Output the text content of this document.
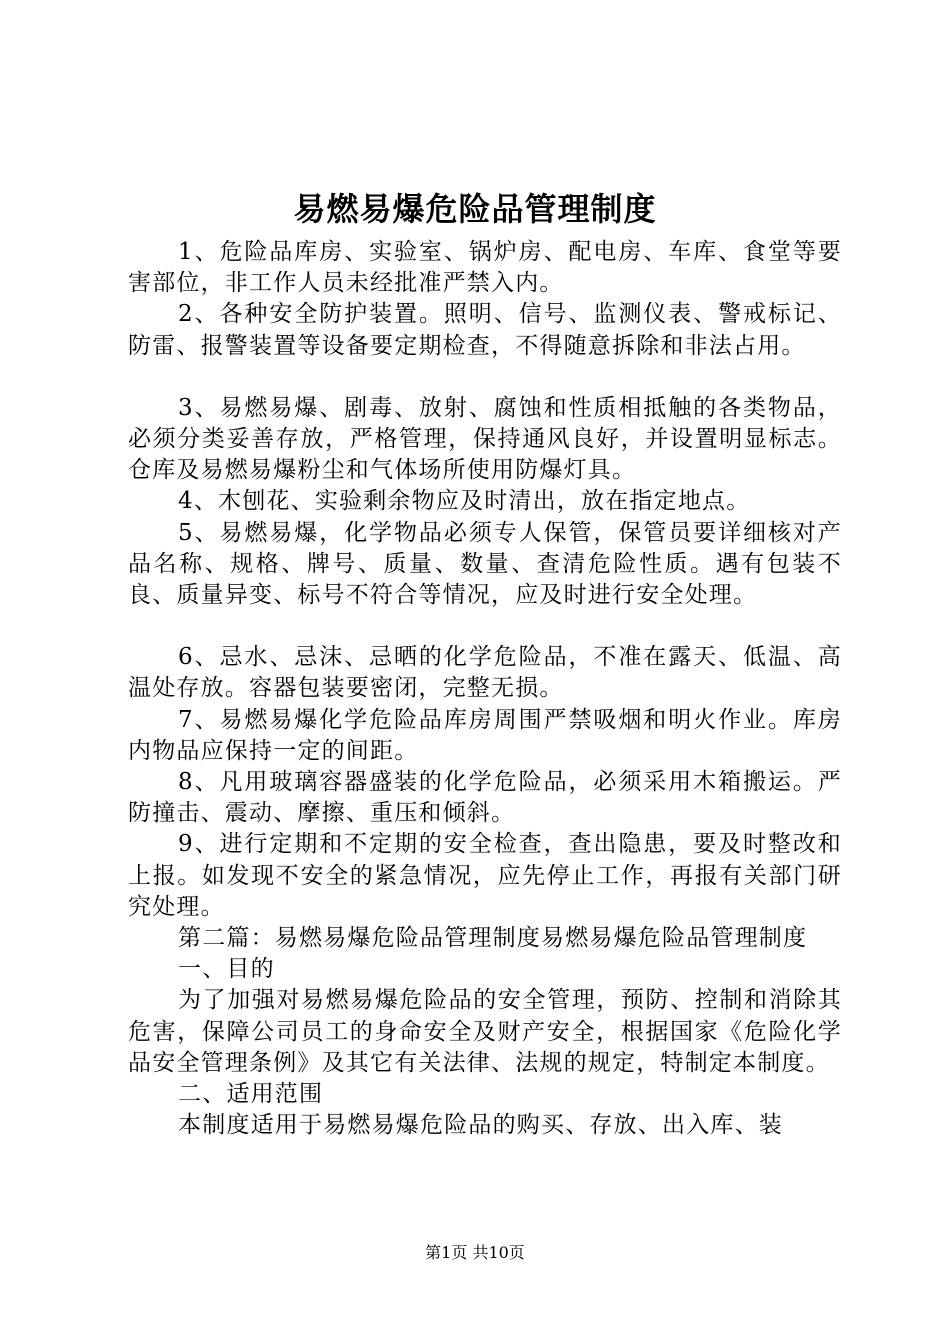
易燃易爆危险品管理制度

1、危险品库房、实验室、锅炉房、配电房、车库、食堂等要害部位，非工作人员未经批准严禁入内。

2、各种安全防护装置。照明、信号、监测仪表、警戒标记、防雷、报警装置等设备要定期检查，不得随意拆除和非法占用。

3、易燃易爆、剧毒、放射、腐蚀和性质相抵触的各类物品，必须分类妥善存放，严格管理，保持通风良好，并设置明显标志。仓库及易燃易爆粉尘和气体场所使用防爆灯具。

4、木刨花、实验剩余物应及时清出，放在指定地点。

5、易燃易爆，化学物品必须专人保管，保管员要详细核对产品名称、规格、牌号、质量、数量、查清危险性质。遇有包装不良、质量异变、标号不符合等情况，应及时进行安全处理。

6、忌水、忌沫、忌晒的化学危险品，不准在露天、低温、高温处存放。容器包装要密闭，完整无损。

7、易燃易爆化学危险品库房周围严禁吸烟和明火作业。库房内物品应保持一定的间距。

8、凡用玻璃容器盛装的化学危险品，必须采用木箱搬运。严防撞击、震动、摩擦、重压和倾斜。

9、进行定期和不定期的安全检查，查出隐患，要及时整改和上报。如发现不安全的紧急情况，应先停止工作，再报有关部门研究处理。

第二篇：易燃易爆危险品管理制度易燃易爆危险品管理制度

一、目的

为了加强对易燃易爆危险品的安全管理，预防、控制和消除其危害，保障公司员工的身命安全及财产安全，根据国家《危险化学品安全管理条例》及其它有关法律、法规的规定，特制定本制度。

二、适用范围

本制度适用于易燃易爆危险品的购买、存放、出入库、装

第1页 共10页
